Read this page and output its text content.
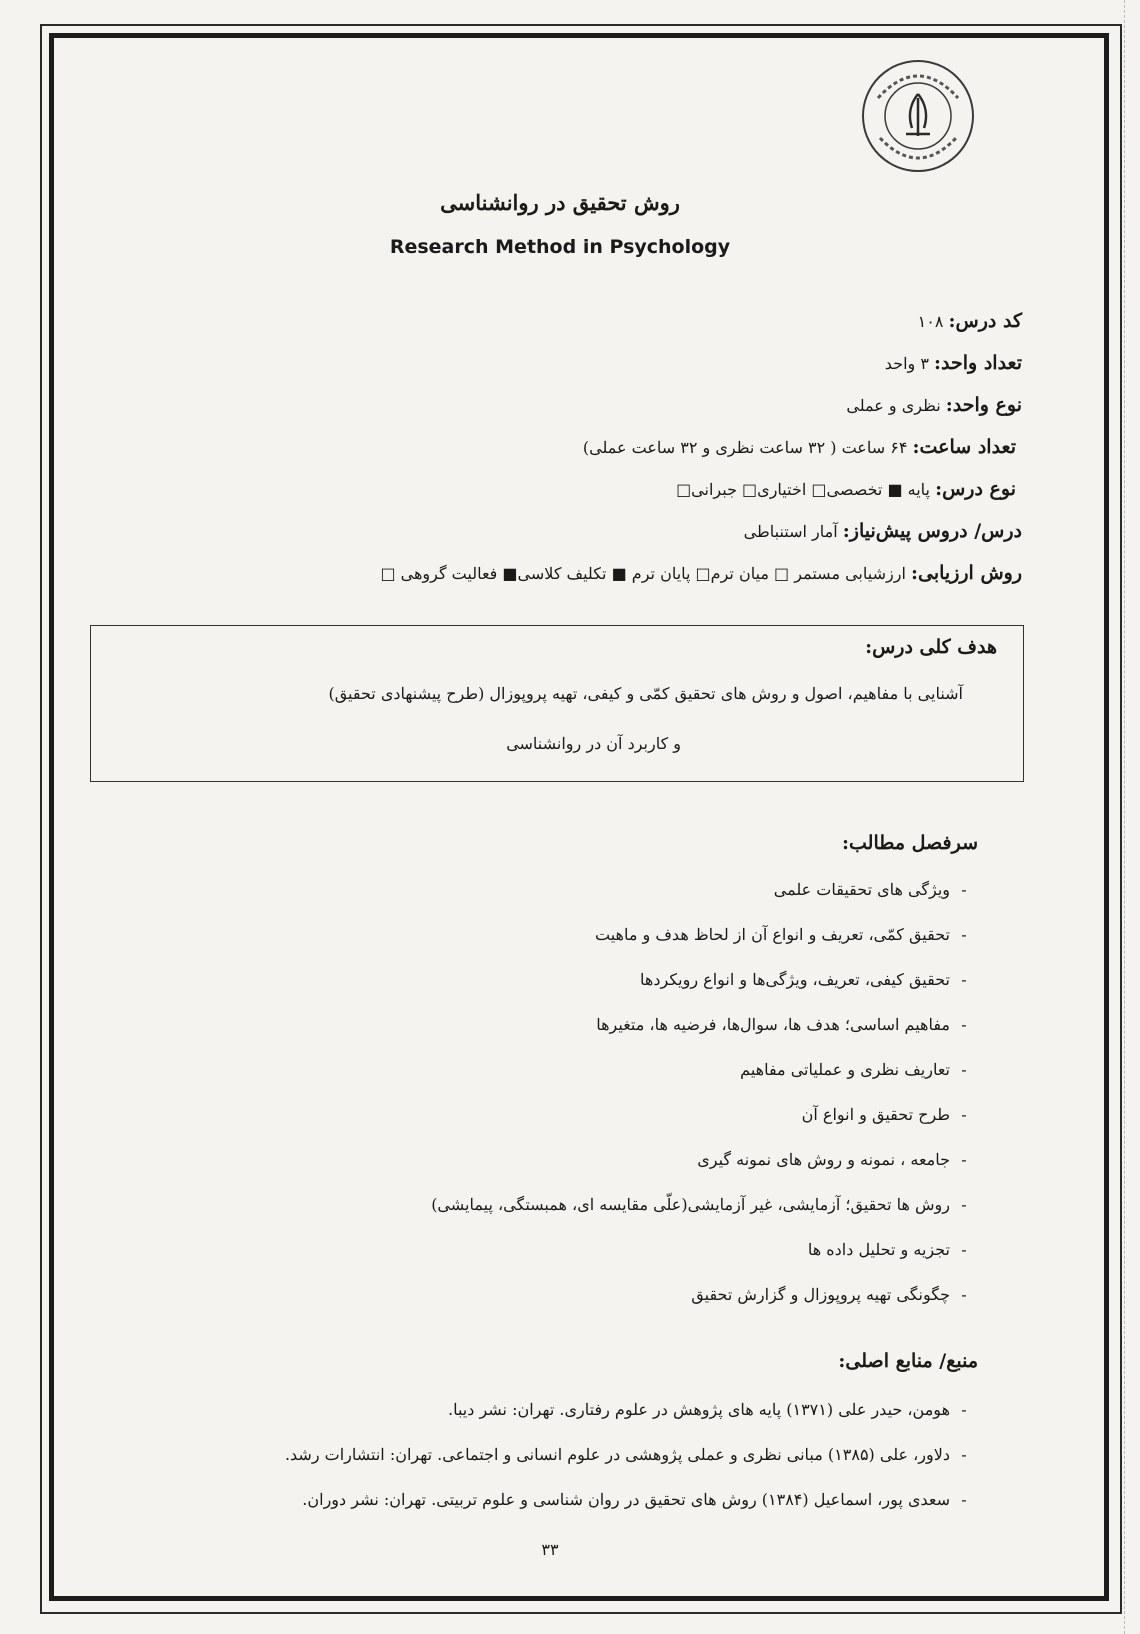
روش تحقیق در روانشناسی
Research Method in Psychology
کد درس: ۱۰۸
تعداد واحد: ۳ واحد
نوع واحد: نظری و عملی
تعداد ساعت: ۶۴ ساعت ( ۳۲ ساعت نظری و ۳۲ ساعت عملی)
نوع درس: پایه ■ تخصصی□ اختیاری□ جبرانی□
درس/ دروس پیش‌نیاز: آمار استنباطی
روش ارزیابی: ارزشیابی مستمر □ میان ترم□ پایان ترم ■ تکلیف کلاسی■ فعالیت گروهی □
هدف کلی درس:
آشنایی با مفاهیم، اصول و روش های تحقیق کمّی و کیفی، تهیه پروپوزال (طرح پیشنهادی تحقیق)
و کاربرد آن در روانشناسی
سرفصل مطالب:
-ویژگی های تحقیقات علمی
-تحقیق کمّی، تعریف و انواع آن از لحاظ هدف و ماهیت
-تحقیق کیفی، تعریف، ویژگی‌ها و انواع رویکردها
-مفاهیم اساسی؛ هدف ها، سوال‌ها، فرضیه ها، متغیرها
-تعاریف نظری و عملیاتی مفاهیم
-طرح تحقیق و انواع آن
-جامعه ، نمونه و روش های نمونه گیری
-روش ها تحقیق؛ آزمایشی، غیر آزمایشی(علّی مقایسه ای، همبستگی، پیمایشی)
-تجزیه و تحلیل داده ها
-چگونگی تهیه پروپوزال و گزارش تحقیق
منبع/ منابع اصلی:
-هومن، حیدر علی (۱۳۷۱) پایه های پژوهش در علوم رفتاری. تهران: نشر دیبا.
-دلاور، علی (۱۳۸۵) مبانی نظری و عملی پژوهشی در علوم انسانی و اجتماعی. تهران: انتشارات رشد.
-سعدی پور، اسماعیل (۱۳۸۴) روش های تحقیق در روان شناسی و علوم تربیتی. تهران: نشر دوران.
۳۳
